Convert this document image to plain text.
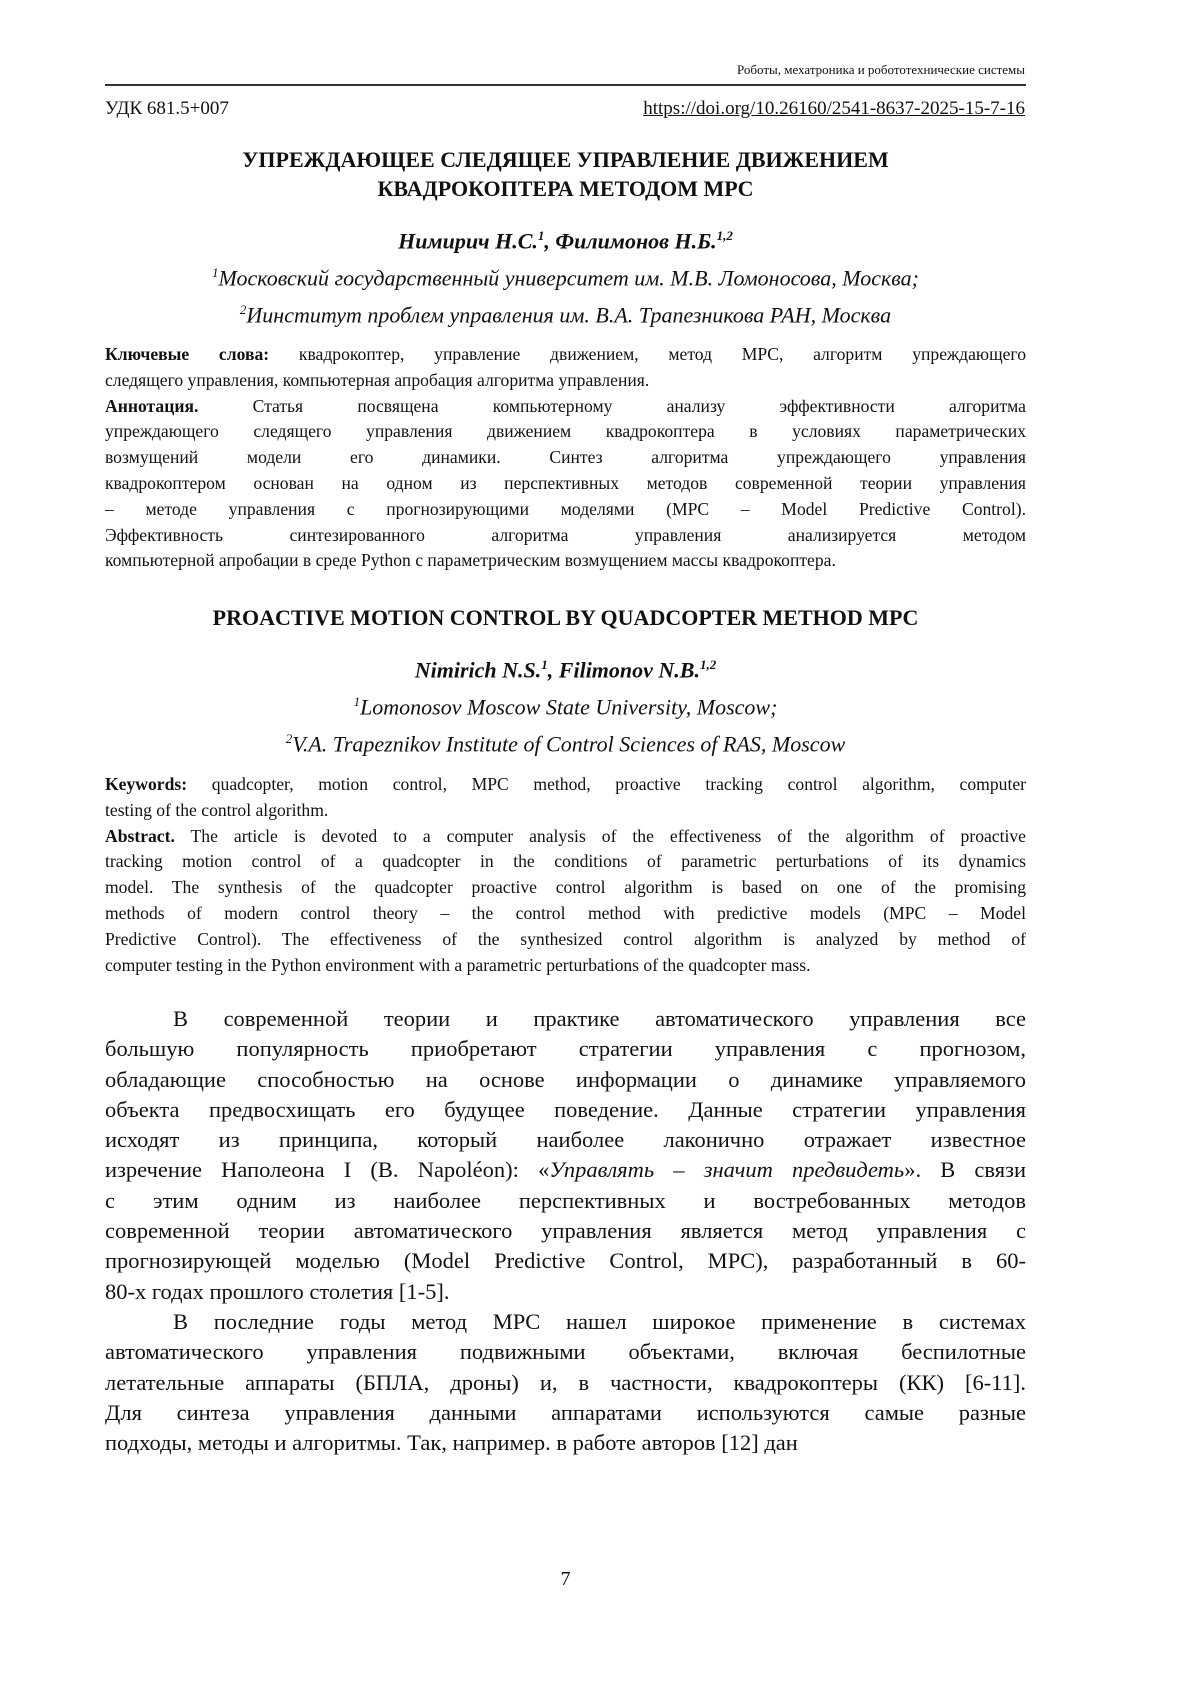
Роботы, мехатроника и робототехнические системы
УДК 681.5+007	https://doi.org/10.26160/2541-8637-2025-15-7-16
УПРЕЖДАЮЩЕЕ СЛЕДЯЩЕЕ УПРАВЛЕНИЕ ДВИЖЕНИЕМ
КВАДРОКОПТЕРА МЕТОДОМ MPC
Нимирич Н.С.1, Филимонов Н.Б.1,2
1Московский государственный университет им. М.В. Ломоносова, Москва;
2Иинститут проблем управления им. В.А. Трапезникова РАН, Москва
Ключевые слова: квадрокоптер, управление движением, метод MPC, алгоритм упреждающего
следящего управления, компьютерная апробация алгоритма управления.
Аннотация. Статья посвящена компьютерному анализу эффективности алгоритма
упреждающего следящего управления движением квадрокоптера в условиях параметрических
возмущений модели его динамики. Синтез алгоритма упреждающего управления
квадрокоптером основан на одном из перспективных методов современной теории управления
– методе управления с прогнозирующими моделями (MPC – Model Predictive Control).
Эффективность синтезированного алгоритма управления анализируется методом
компьютерной апробации в среде Python с параметрическим возмущением массы квадрокоптера.
PROACTIVE MOTION CONTROL BY QUADCOPTER METHOD MPC
Nimirich N.S.1, Filimonov N.B.1,2
1Lomonosov Moscow State University, Moscow;
2V.A. Trapeznikov Institute of Control Sciences of RAS, Moscow
Keywords: quadcopter, motion control, MPC method, proactive tracking control algorithm, computer
testing of the control algorithm.
Abstract. The article is devoted to a computer analysis of the effectiveness of the algorithm of proactive
tracking motion control of a quadcopter in the conditions of parametric perturbations of its dynamics
model. The synthesis of the quadcopter proactive control algorithm is based on one of the promising
methods of modern control theory – the control method with predictive models (MPC – Model
Predictive Control). The effectiveness of the synthesized control algorithm is analyzed by method of
computer testing in the Python environment with a parametric perturbations of the quadcopter mass.
В современной теории и практике автоматического управления все
большую популярность приобретают стратегии управления с прогнозом,
обладающие способностью на основе информации о динамике управляемого
объекта предвосхищать его будущее поведение. Данные стратегии управления
исходят из принципа, который наиболее лаконично отражает известное
изречение Наполеона I (B. Napoléon): «Управлять – значит предвидеть». В связи
с этим одним из наиболее перспективных и востребованных методов
современной теории автоматического управления является метод управления с
прогнозирующей моделью (Model Predictive Control, MPC), разработанный в 60-
80-х годах прошлого столетия [1-5].
В последние годы метод MPC нашел широкое применение в системах
автоматического управления подвижными объектами, включая беспилотные
летательные аппараты (БПЛА, дроны) и, в частности, квадрокоптеры (КК) [6-11].
Для синтеза управления данными аппаратами используются самые разные
подходы, методы и алгоритмы. Так, например. в работе авторов [12] дан
7
